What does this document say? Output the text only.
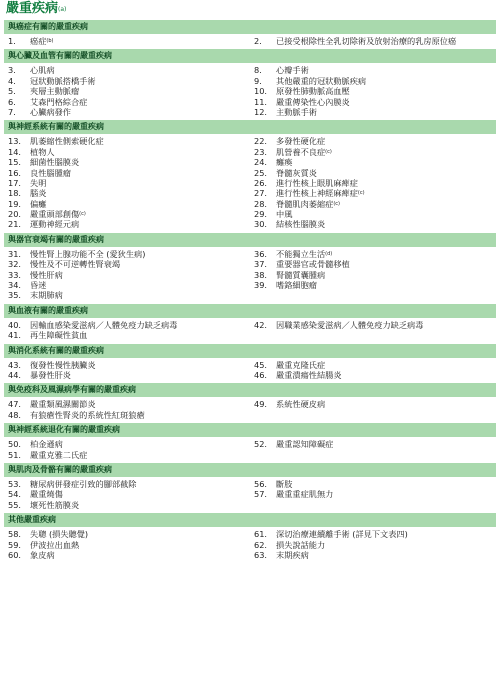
嚴重疾病$^{(a)}$
與癌症有關的嚴重疾病
1. 癌症$^{(b)}$	2. 已接受根除性全乳切除術及放射治療的乳房原位癌
與心臟及血管有關的嚴重疾病
3. 心肌病	8. 心瓣手術
4. 冠狀動脈搭橋手術	9. 其他嚴重的冠狀動脈疾病
5. 夾層主動脈瘤	10. 原發性肺動脈高血壓
6. 艾森門格綜合症	11. 嚴重傳染性心內膜炎
7. 心臟病發作	12. 主動脈手術
與神經系統有關的嚴重疾病
13. 肌萎縮性側索硬化症	22. 多發性硬化症
14. 植物人	23. 肌營養不良症$^{(c)}$
15. 細菌性腦膜炎	24. 癱瘓
16. 良性腦腫瘤	25. 脊髓灰質炎
17. 失明	26. 進行性核上眼肌麻痺症
18. 腦炎	27. 進行性核上神經麻痺症$^{(c)}$
19. 偏癱	28. 脊髓肌肉萎縮症$^{(c)}$
20. 嚴重頭部創傷$^{(c)}$	29. 中風
21. 運動神經元病	30. 結核性腦膜炎
與器官衰竭有關的嚴重疾病
31. 慢性腎上腺功能不全 (愛狄生病)	36. 不能獨立生活$^{(d)}$
32. 慢性及不可逆轉性腎衰竭	37. 重要器官或骨髓移植
33. 慢性肝病	38. 腎髓質囊腫病
34. 昏迷	39. 嗜鉻細胞瘤
35. 末期肺病
與血液有關的嚴重疾病
40. 因輸血感染愛滋病／人體免疫力缺乏病毒	42. 因職業感染愛滋病／人體免疫力缺乏病毒
41. 再生障礙性貧血
與消化系統有關的嚴重疾病
43. 復發性慢性胰臟炎	45. 嚴重克隆氏症
44. 暴發性肝炎	46. 嚴重潰瘍性結腸炎
與免疫科及風濕病學有關的嚴重疾病
47. 嚴重類風濕關節炎	49. 系統性硬皮病
48. 有狼瘡性腎炎的系統性紅斑狼瘡
與神經系統退化有關的嚴重疾病
50. 柏金遜病	52. 嚴重認知障礙症
51. 嚴重克雅二氏症
與肌肉及骨骼有關的嚴重疾病
53. 糖尿病併發症引致的腳部截除	56. 斷肢
54. 嚴重燒傷	57. 嚴重重症肌無力
55. 壞死性筋膜炎
其他嚴重疾病
58. 失聰 (損失聽覺)	61. 深切治療連續離手術 (詳見下文表四)
59. 伊波拉出血熱	62. 損失說話能力
60. 象皮病	63. 末期疾病
